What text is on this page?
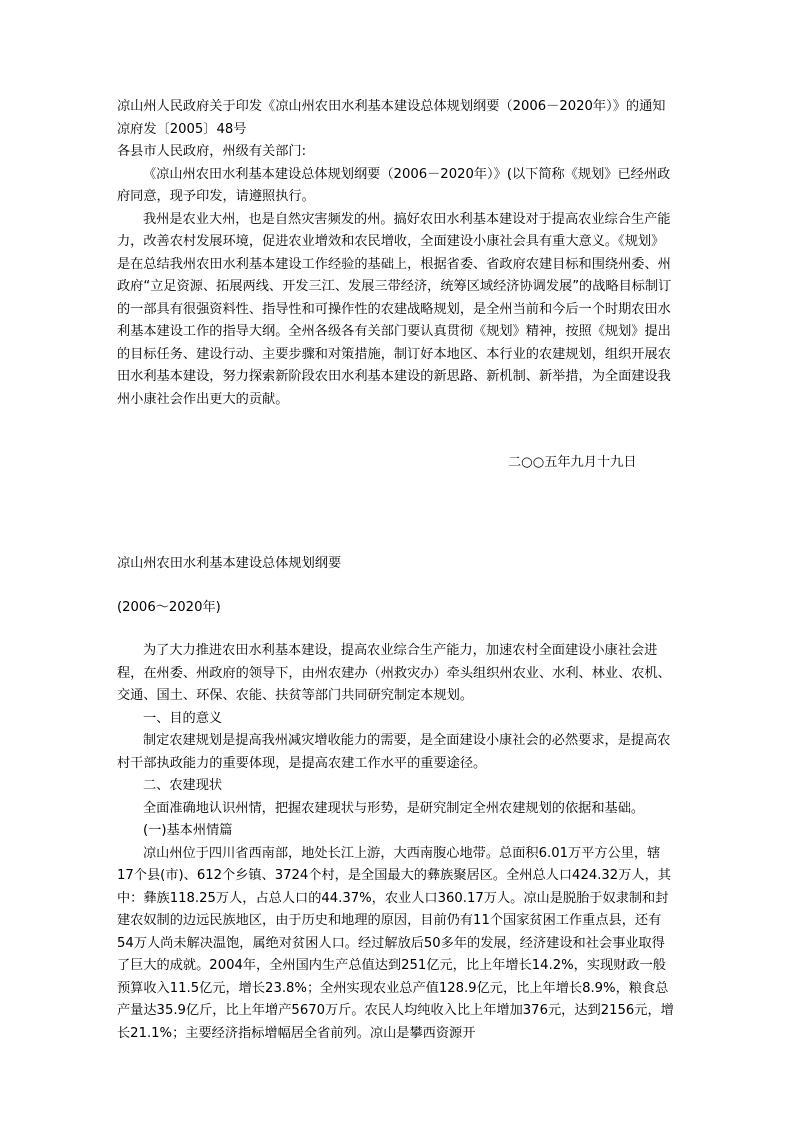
凉山州人民政府关于印发《凉山州农田水利基本建设总体规划纲要（2006－2020年）》的通知凉府发〔2005〕48号

各县市人民政府，州级有关部门:

《凉山州农田水利基本建设总体规划纲要（2006－2020年）》(以下简称《规划》已经州政府同意，现予印发，请遵照执行。

我州是农业大州，也是自然灾害频发的州。搞好农田水利基本建设对于提高农业综合生产能力，改善农村发展环境，促进农业增效和农民增收，全面建设小康社会具有重大意义。《规划》是在总结我州农田水利基本建设工作经验的基础上，根据省委、省政府农建目标和围绕州委、州政府“立足资源、拓展两线、开发三江、发展三带经济，统筹区域经济协调发展”的战略目标制订的一部具有很强资料性、指导性和可操作性的农建战略规划，是全州当前和今后一个时期农田水利基本建设工作的指导大纲。全州各级各有关部门要认真贯彻《规划》精神，按照《规划》提出的目标任务、建设行动、主要步骤和对策措施，制订好本地区、本行业的农建规划，组织开展农田水利基本建设，努力探索新阶段农田水利基本建设的新思路、新机制、新举措，为全面建设我州小康社会作出更大的贡献。

二○○五年九月十九日
凉山州农田水利基本建设总体规划纲要
(2006～2020年)

为了大力推进农田水利基本建设，提高农业综合生产能力，加速农村全面建设小康社会进程，在州委、州政府的领导下，由州农建办（州救灾办）牵头组织州农业、水利、林业、农机、交通、国土、环保、农能、扶贫等部门共同研究制定本规划。

一、目的意义

制定农建规划是提高我州减灾增收能力的需要，是全面建设小康社会的必然要求，是提高农村干部执政能力的重要体现，是提高农建工作水平的重要途径。

二、农建现状

全面准确地认识州情，把握农建现状与形势，是研究制定全州农建规划的依据和基础。

(一)基本州情篇

凉山州位于四川省西南部，地处长江上游，大西南腹心地带。总面积6.01万平方公里，辖17个县(市)、612个乡镇、3724个村，是全国最大的彝族聚居区。全州总人口424.32万人，其中：彝族118.25万人，占总人口的44.37%，农业人口360.17万人。凉山是脱胎于奴隶制和封建农奴制的边远民族地区，由于历史和地理的原因，目前仍有11个国家贫困工作重点县，还有54万人尚未解决温饱，属绝对贫困人口。经过解放后50多年的发展，经济建设和社会事业取得了巨大的成就。2004年，全州国内生产总值达到251亿元，比上年增长14.2%，实现财政一般预算收入11.5亿元，增长23.8%；全州实现农业总产值128.9亿元，比上年增长8.9%，粮食总产量达35.9亿斤，比上年增产5670万斤。农民人均纯收入比上年增加376元，达到2156元，增长21.1%；主要经济指标增幅居全省前列。凉山是攀西资源开
